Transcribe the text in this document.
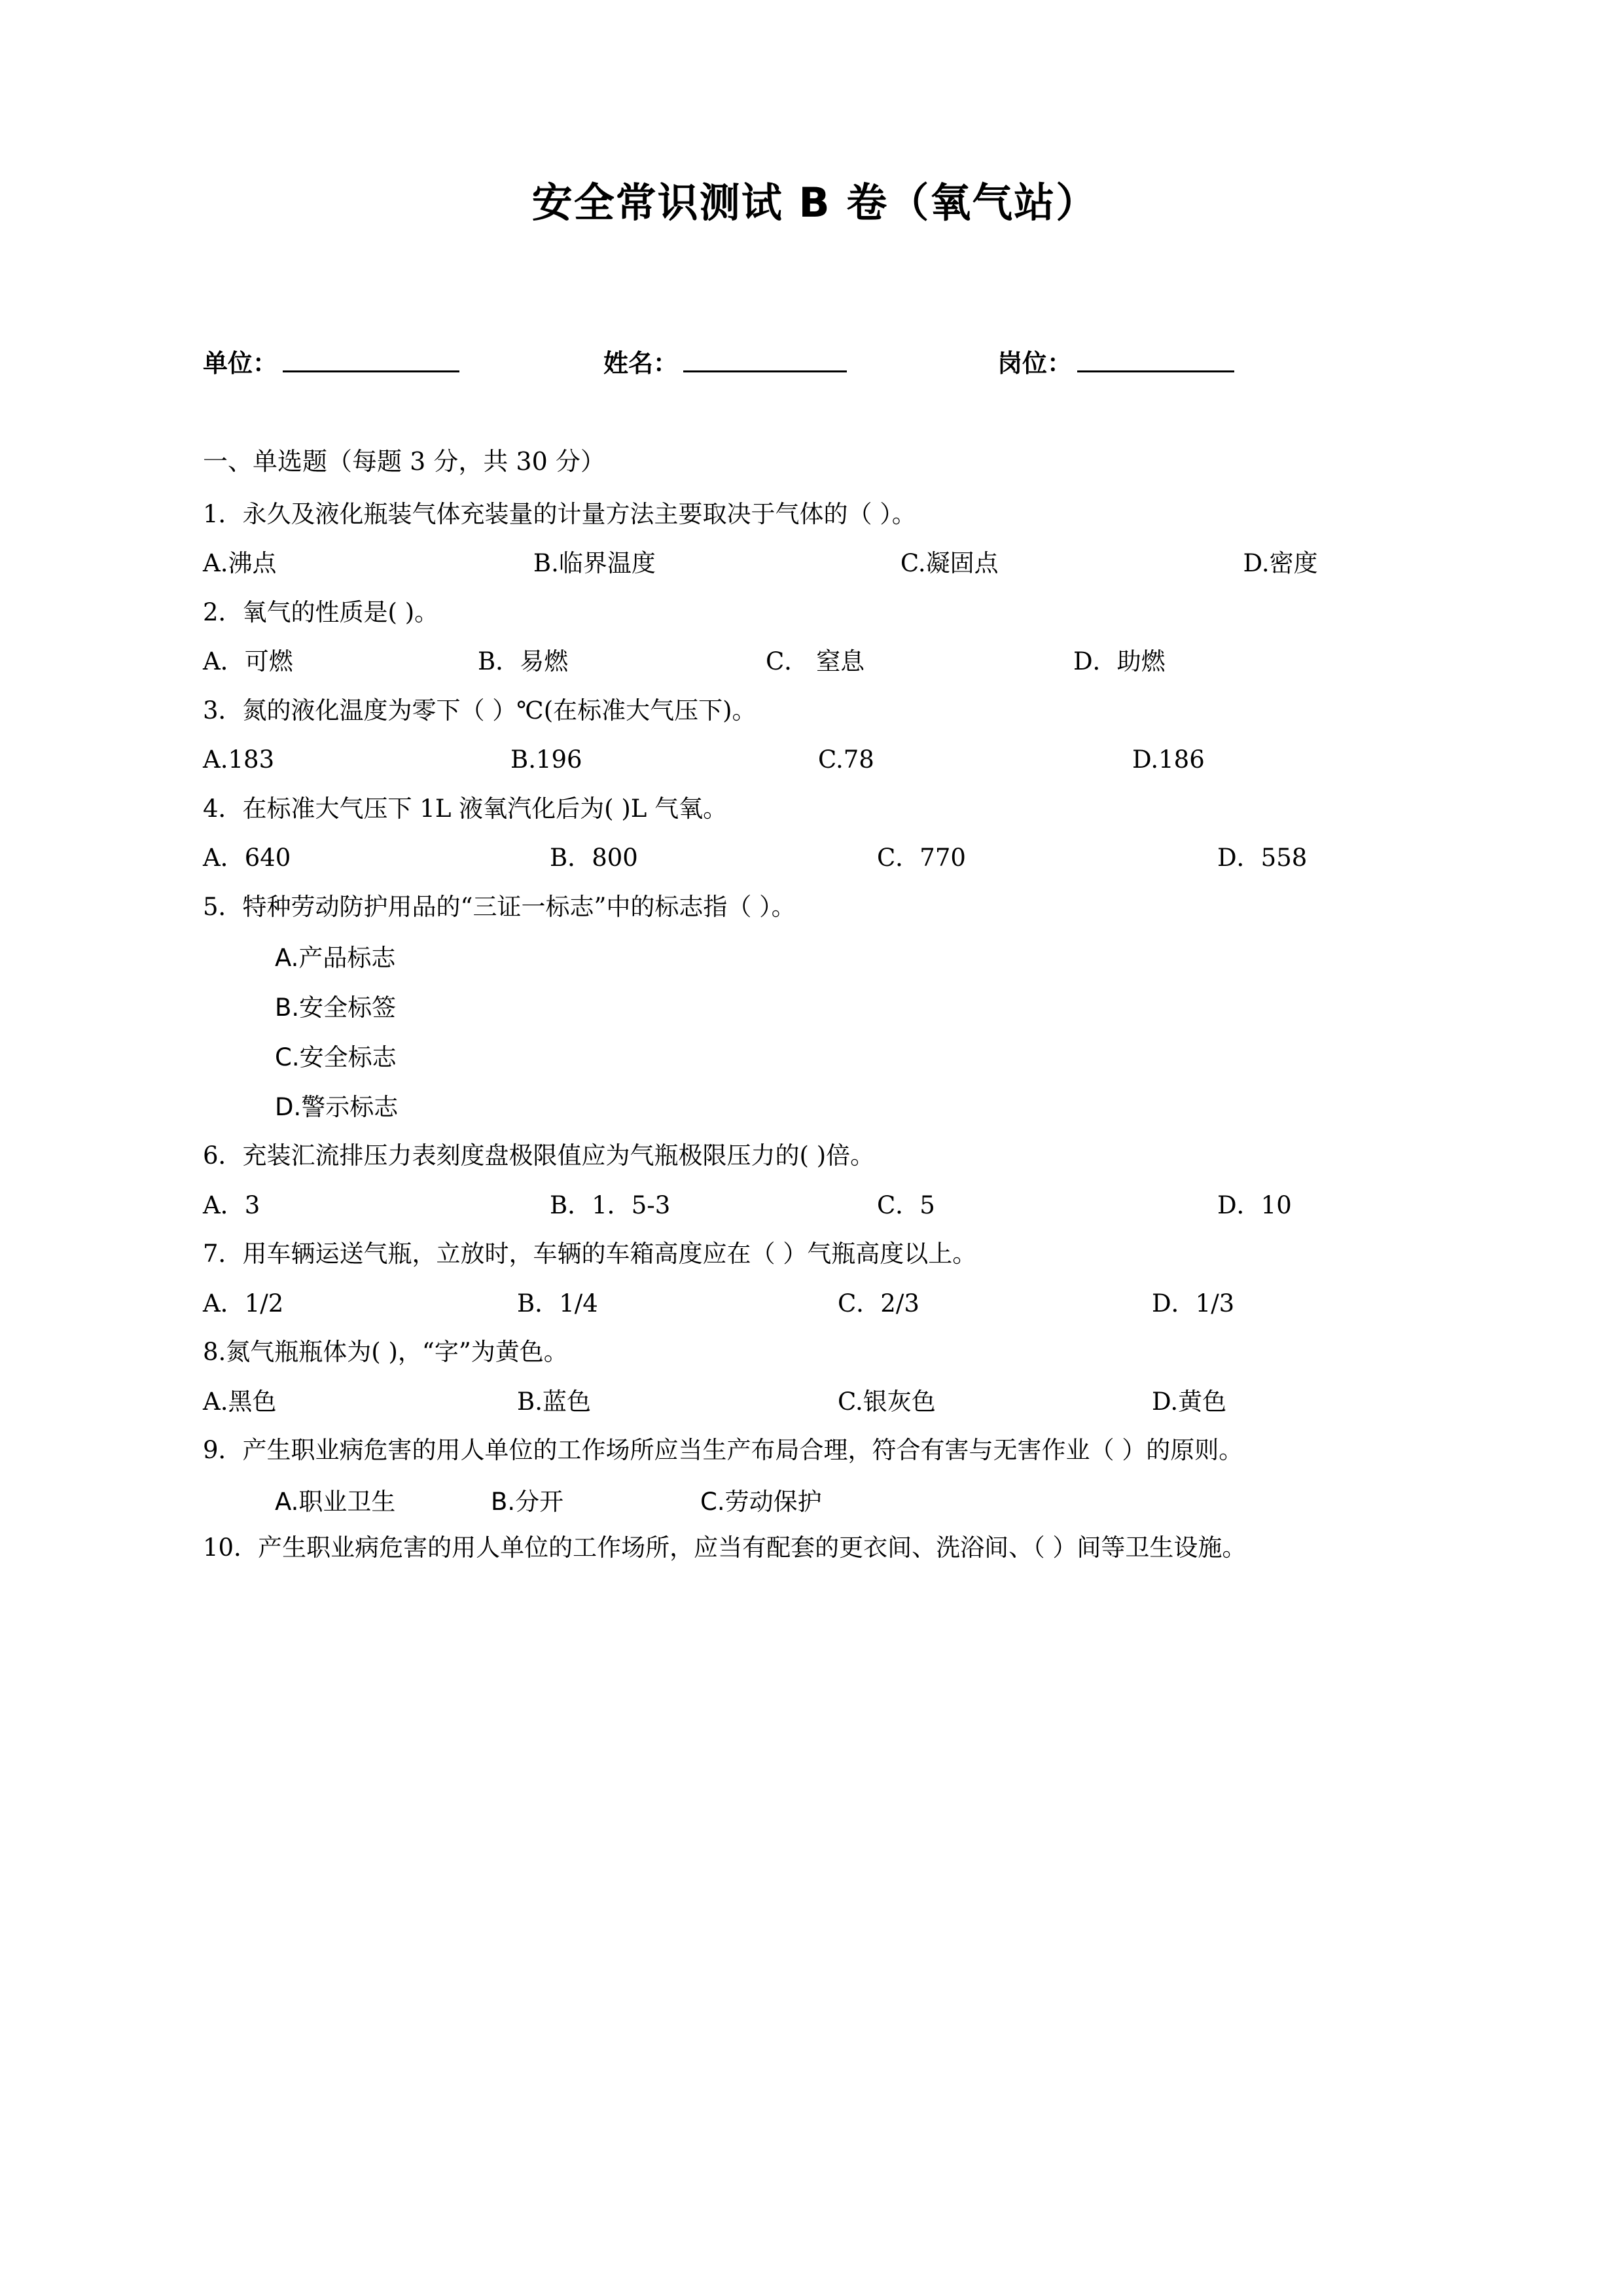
安全常识测试 B 卷（氧气站）
单位：	姓名：	岗位：
一、单选题（每题 3 分，共 30 分）
1．永久及液化瓶装气体充装量的计量方法主要取决于气体的（ ）。
A.沸点	B.临界温度	C.凝固点	D.密度
2．氧气的性质是( )。
A．可燃	B．易燃	C． 窒息	D．助燃
3．氮的液化温度为零下（ ）℃(在标准大气压下)。
A.183	B.196	C.78	D.186
4．在标准大气压下 1L 液氧汽化后为( )L 气氧。
A．640	B．800	C．770	D．558
5．特种劳动防护用品的“三证一标志”中的标志指（ ）。
A.产品标志
B.安全标签
C.安全标志
D.警示标志
6．充装汇流排压力表刻度盘极限值应为气瓶极限压力的( )倍。
A．3	B．1．5-3	C．5	D．10
7．用车辆运送气瓶，立放时，车辆的车箱高度应在（ ）气瓶高度以上。
A．1/2	B．1/4	C．2/3	D．1/3
8.氮气瓶瓶体为( )，“字”为黄色。
A.黑色	B.蓝色	C.银灰色	D.黄色
9．产生职业病危害的用人单位的工作场所应当生产布局合理，符合有害与无害作业（ ）的原则。
A.职业卫生	B.分开	C.劳动保护
10．产生职业病危害的用人单位的工作场所，应当有配套的更衣间、洗浴间、（ ）间等卫生设施。
